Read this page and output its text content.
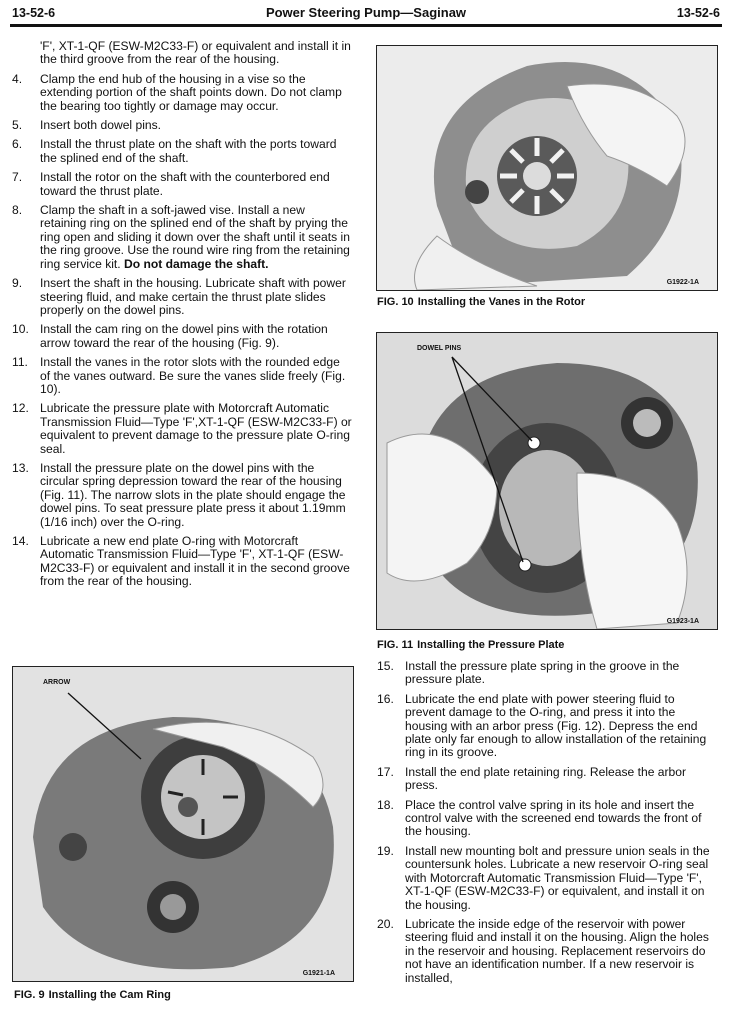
13-52-6	Power Steering Pump—Saginaw	13-52-6
'F', XT-1-QF (ESW-M2C33-F) or equivalent and install it in the third groove from the rear of the housing.
4. Clamp the end hub of the housing in a vise so the extending portion of the shaft points down. Do not clamp the bearing too tightly or damage may occur.
5. Insert both dowel pins.
6. Install the thrust plate on the shaft with the ports toward the splined end of the shaft.
7. Install the rotor on the shaft with the counterbored end toward the thrust plate.
8. Clamp the shaft in a soft-jawed vise. Install a new retaining ring on the splined end of the shaft by prying the ring open and sliding it down over the shaft until it seats in the ring groove. Use the round wire ring from the retaining ring service kit. Do not damage the shaft.
9. Insert the shaft in the housing. Lubricate shaft with power steering fluid, and make certain the thrust plate slides properly on the dowel pins.
10. Install the cam ring on the dowel pins with the rotation arrow toward the rear of the housing (Fig. 9).
11. Install the vanes in the rotor slots with the rounded edge of the vanes outward. Be sure the vanes slide freely (Fig. 10).
12. Lubricate the pressure plate with Motorcraft Automatic Transmission Fluid—Type 'F',XT-1-QF (ESW-M2C33-F) or equivalent to prevent damage to the pressure plate O-ring seal.
13. Install the pressure plate on the dowel pins with the circular spring depression toward the rear of the housing (Fig. 11). The narrow slots in the plate should engage the dowel pins. To seat pressure plate press it about 1.19mm (1/16 inch) over the O-ring.
14. Lubricate a new end plate O-ring with Motorcraft Automatic Transmission Fluid—Type 'F', XT-1-QF (ESW-M2C33-F) or equivalent and install it in the second groove from the rear of the housing.
G1922-1A
FIG. 10 Installing the Vanes in the Rotor
DOWEL PINS
G1923-1A
FIG. 11 Installing the Pressure Plate
ARROW
G1921-1A
FIG. 9 Installing the Cam Ring
15. Install the pressure plate spring in the groove in the pressure plate.
16. Lubricate the end plate with power steering fluid to prevent damage to the O-ring, and press it into the housing with an arbor press (Fig. 12). Depress the end plate only far enough to allow installation of the retaining ring in its groove.
17. Install the end plate retaining ring. Release the arbor press.
18. Place the control valve spring in its hole and insert the control valve with the screened end towards the front of the housing.
19. Install new mounting bolt and pressure union seals in the countersunk holes. Lubricate a new reservoir O-ring seal with Motorcraft Automatic Transmission Fluid—Type 'F', XT-1-QF (ESW-M2C33-F) or equivalent, and install it on the housing.
20. Lubricate the inside edge of the reservoir with power steering fluid and install it on the housing. Align the holes in the reservoir and housing. Replacement reservoirs do not have an identification number. If a new reservoir is installed,
